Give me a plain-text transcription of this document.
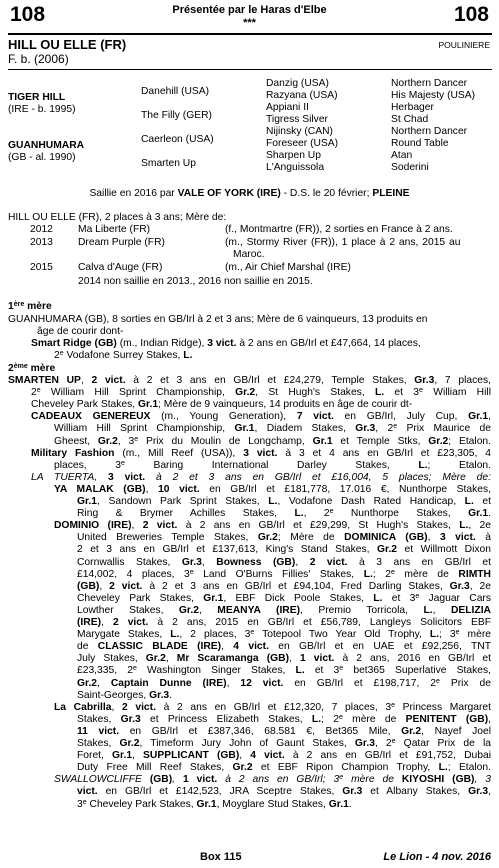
108	108
Présentée par le Haras d'Elbe
***
HILL OU ELLE (FR)	POULINIERE
F. b. (2006)
TIGER HILL
(IRE - b. 1995)
GUANHUMARA
(GB - al. 1990)
Danehill (USA)
The Filly (GER)
Caerleon (USA)
Smarten Up
Danzig (USA)
Razyana (USA)
Appiani II
Tigress Silver
Nijinsky (CAN)
Foreseer (USA)
Sharpen Up
L'Anguissola
Northern Dancer
His Majesty (USA)
Herbager
St Chad
Northern Dancer
Round Table
Atan
Soderini
Saillie en 2016 par VALE OF YORK (IRE) - D.S. le 20 février; PLEINE
HILL OU ELLE (FR), 2 places à 3 ans; Mère de:
2012 Ma Liberte (FR)	(f., Montmartre (FR)), 2 sorties en France à 2 ans.
2013 Dream Purple (FR)	(m., Stormy River (FR)), 1 place à 2 ans, 2015 au
Maroc.
2015 Calva d'Auge (FR)	(m., Air Chief Marshal (IRE)
2014 non saillie en 2013., 2016 non saillie en 2015.
1ère mère
GUANHUMARA (GB), 8 sorties en GB/Irl à 2 et 3 ans; Mère de 6 vainqueurs, 13 produits en
âge de courir dont-
Smart Ridge (GB) (m., Indian Ridge), 3 vict. à 2 ans en GB/Irl et £47,664, 14 places,
2e Vodafone Surrey Stakes, L.
2ème mère
SMARTEN UP, 2 vict. à 2 et 3 ans en GB/Irl et £24,279, Temple Stakes, Gr.3, 7 places,
2e William Hill Sprint Championship, Gr.2, St Hugh's Stakes, L. et 3e William Hill
Cheveley Park Stakes, Gr.1; Mère de 9 vainqueurs, 14 produits en âge de courir dt-
CADEAUX GENEREUX (m., Young Generation), 7 vict. en GB/Irl, July Cup, Gr.1,
William Hill Sprint Championship, Gr.1, Diadem Stakes, Gr.3, 2e Prix Maurice de
Gheest, Gr.2, 3e Prix du Moulin de Longchamp, Gr.1 et Temple Stks, Gr.2; Etalon.
Military Fashion (m., Mill Reef (USA)), 3 vict. à 3 et 4 ans en GB/Irl et £23,305, 4
places, 3e Baring International Darley Stakes, L.; Etalon.
LA TUERTA, 3 vict. à 2 et 3 ans en GB/Irl et £16,004, 5 places; Mère de:
YA MALAK (GB), 10 vict. en GB/Irl et £181,778, 17.016 €, Nunthorpe Stakes,
Gr.1, Sandown Park Sprint Stakes, L., Vodafone Dash Rated Handicap, L. et
Ring & Brymer Achilles Stakes, L., 2e Nunthorpe Stakes, Gr.1.
DOMINIO (IRE), 2 vict. à 2 ans en GB/Irl et £29,299, St Hugh's Stakes, L., 2e
United Breweries Temple Stakes, Gr.2; Mère de DOMINICA (GB), 3 vict. à
2 et 3 ans en GB/Irl et £137,613, King's Stand Stakes, Gr.2 et Willmott Dixon
Cornwallis Stakes, Gr.3, Bowness (GB), 2 vict. à 3 ans en GB/Irl et
£14,002, 4 places, 3e Land O'Burns Fillies' Stakes, L.; 2e mère de RIMTH
(GB), 2 vict. à 2 et 3 ans en GB/Irl et £94,104, Fred Darling Stakes, Gr.3, 2e
Cheveley Park Stakes, Gr.1, EBF Dick Poole Stakes, L. et 3e Jaguar Cars
Lowther Stakes, Gr.2, MEANYA (IRE), Premio Torricola, L., DELIZIA
(IRE), 2 vict. à 2 ans, 2015 en GB/Irl et £56,789, Langleys Solicitors EBF
Marygate Stakes, L., 2 places, 3e Totepool Two Year Old Trophy, L.; 3e mère
de CLASSIC BLADE (IRE), 4 vict. en GB/Irl et en UAE et £92,256, TNT
July Stakes, Gr.2, Mr Scaramanga (GB), 1 vict. à 2 ans, 2016 en GB/Irl et
£23,335, 2e Washington Singer Stakes, L. et 3e bet365 Superlative Stakes,
Gr.2, Captain Dunne (IRE), 12 vict. en GB/Irl et £198,717, 2e Prix de
Saint-Georges, Gr.3.
La Cabrilla, 2 vict. à 2 ans en GB/Irl et £12,320, 7 places, 3e Princess Margaret
Stakes, Gr.3 et Princess Elizabeth Stakes, L.; 2e mère de PENITENT (GB),
11 vict. en GB/Irl et £387,346, 68.581 €, Bet365 Mile, Gr.2, Nayef Joel
Stakes, Gr.2, Timeform Jury John of Gaunt Stakes, Gr.3, 2e Qatar Prix de la
Foret, Gr.1, SUPPLICANT (GB), 4 vict. à 2 ans en GB/Irl et £91,752, Dubai
Duty Free Mill Reef Stakes, Gr.2 et EBF Ripon Champion Trophy, L.; Etalon.
SWALLOWCLIFFE (GB), 1 vict. à 2 ans en GB/Irl; 3e mère de KIYOSHI (GB), 3
vict. en GB/Irl et £142,523, JRA Sceptre Stakes, Gr.3 et Albany Stakes, Gr.3,
3e Cheveley Park Stakes, Gr.1, Moyglare Stud Stakes, Gr.1.
Box 115	Le Lion - 4 nov. 2016
